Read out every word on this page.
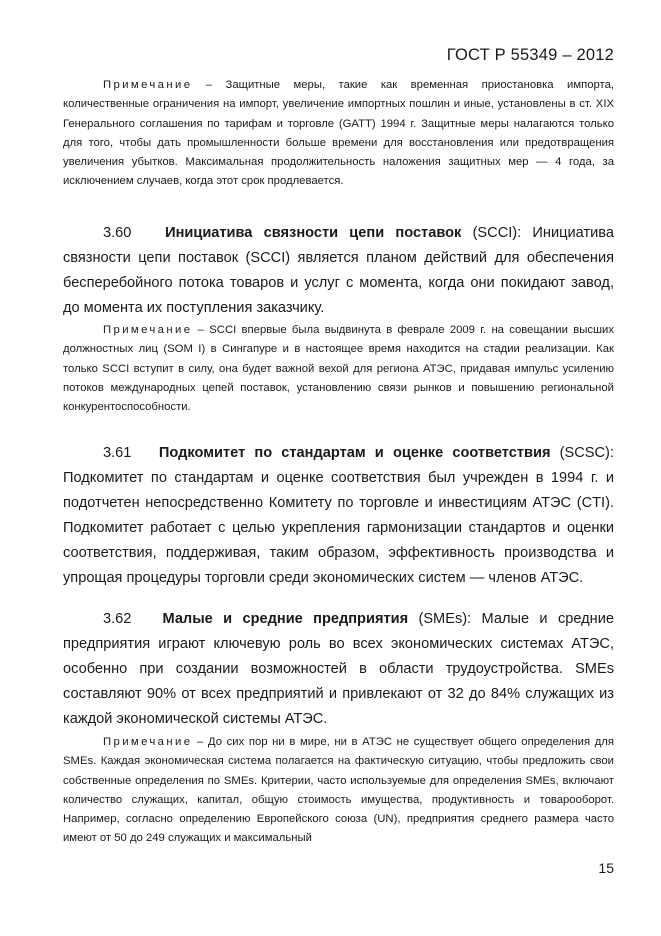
ГОСТ Р 55349 – 2012

Примечание – Защитные меры, такие как временная приостановка импорта, количественные ограничения на импорт, увеличение импортных пошлин и иные, установлены в ст. XIX Генерального соглашения по тарифам и торговле (GATT) 1994 г. Защитные меры налагаются только для того, чтобы дать промышленности больше времени для восстановления или предотвращения увеличения убытков. Максимальная продолжительность наложения защитных мер — 4 года, за исключением случаев, когда этот срок продлевается.

3.60 Инициатива связности цепи поставок (SCCI): Инициатива связности цепи поставок (SCCI) является планом действий для обеспечения бесперебойного потока товаров и услуг с момента, когда они покидают завод, до момента их поступления заказчику.

Примечание – SCCI впервые была выдвинута в феврале 2009 г. на совещании высших должностных лиц (SOM I) в Сингапуре и в настоящее время находится на стадии реализации. Как только SCCI вступит в силу, она будет важной вехой для региона АТЭС, придавая импульс усилению потоков международных цепей поставок, установлению связи рынков и повышению региональной конкурентоспособности.

3.61 Подкомитет по стандартам и оценке соответствия (SCSC): Подкомитет по стандартам и оценке соответствия был учрежден в 1994 г. и подотчетен непосредственно Комитету по торговле и инвестициям АТЭС (CTI). Подкомитет работает с целью укрепления гармонизации стандартов и оценки соответствия, поддерживая, таким образом, эффективность производства и упрощая процедуры торговли среди экономических систем — членов АТЭС.

3.62 Малые и средние предприятия (SMEs): Малые и средние предприятия играют ключевую роль во всех экономических системах АТЭС, особенно при создании возможностей в области трудоустройства. SMEs составляют 90% от всех предприятий и привлекают от 32 до 84% служащих из каждой экономической системы АТЭС.

Примечание – До сих пор ни в мире, ни в АТЭС не существует общего определения для SMEs. Каждая экономическая система полагается на фактическую ситуацию, чтобы предложить свои собственные определения по SMEs. Критерии, часто используемые для определения SMEs, включают количество служащих, капитал, общую стоимость имущества, продуктивность и товарооборот. Например, согласно определению Европейского союза (UN), предприятия среднего размера часто имеют от 50 до 249 служащих и максимальный

15
